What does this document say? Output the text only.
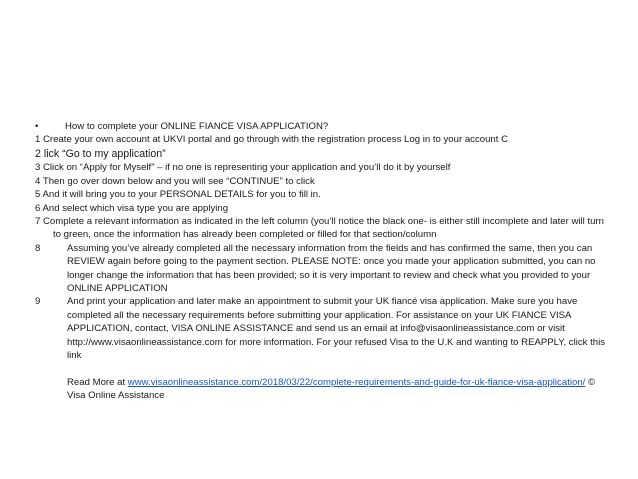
•	How to complete your ONLINE FIANCE VISA APPLICATION?

1 Create your own account at UKVI portal and go through with the registration process Log in to your account C

2 lick “Go to my application”

3 Click on “Apply for Myself” – if no one is representing your application and you’ll do it by yourself

4 Then go over down below and you will see “CONTINUE” to click

5 And it will bring you to your PERSONAL DETAILS for you to fill in.

6 And select which visa type you are applying

7 Complete a relevant information as indicated in the left column (you’ll notice the black one- is either still incomplete and later will turn to green, once the information has already been completed or filled for that section/column

8	Assuming you’ve already completed all the necessary information from the fields and has confirmed the same, then you can REVIEW again before going to the payment section. PLEASE NOTE: once you made your application submitted, you can no longer change the information that has been provided; so it is very important to review and check what you provided to your ONLINE APPLICATION
9	And print your application and later make an appointment to submit your UK fiancé visa application. Make sure you have completed all the necessary requirements before submitting your application. For assistance on your UK FIANCE VISA APPLICATION, contact, VISA ONLINE ASSISTANCE and send us an email at info@visaonlineassistance.com or visit http://www.visaonlineassistance.com for more information. For your refused Visa to the U.K and wanting to REAPPLY, click this link
Read More at www.visaonlineassistance.com/2018/03/22/complete-requirements-and-guide-for-uk-fiance-visa-application/ © Visa Online Assistance
